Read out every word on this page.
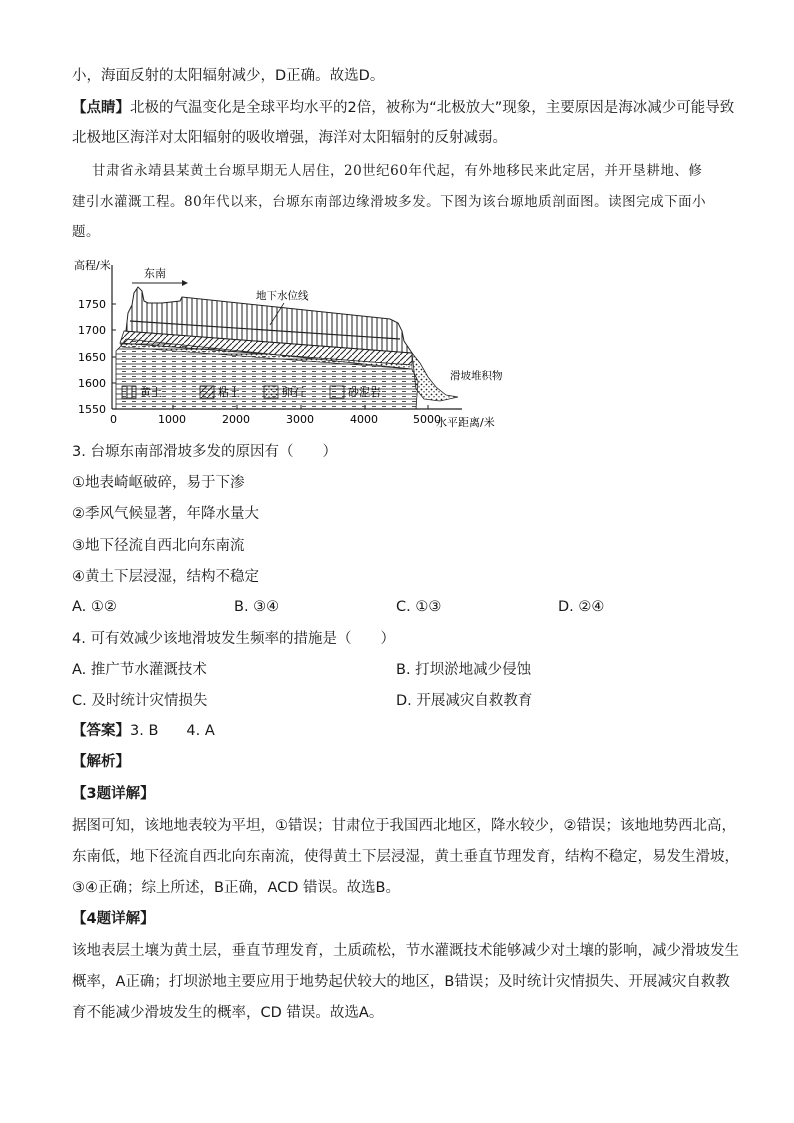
小，海面反射的太阳辐射减少，D正确。故选D。
【点睛】北极的气温变化是全球平均水平的2倍，被称为“北极放大”现象，主要原因是海冰减少可能导致
北极地区海洋对太阳辐射的吸收增强，海洋对太阳辐射的反射减弱。
甘肃省永靖县某黄土台塬早期无人居住，20世纪60年代起，有外地移民来此定居，并开垦耕地、修
建引水灌溉工程。80年代以来，台塬东南部边缘滑坡多发。下图为该台塬地质剖面图。读图完成下面小
题。
高程/米
水平距离/米
1750
1700
1650
1600
1550
0	1000	2000	3000	4000	5000
东南
地下水位线
滑坡堆积物
黄土	粘土	卵石	砂泥岩
3. 台塬东南部滑坡多发的原因有（　　）
①地表崎岖破碎，易于下渗
②季风气候显著，年降水量大
③地下径流自西北向东南流
④黄土下层浸湿，结构不稳定
A. ①②	B. ③④	C. ①③	D. ②④
4. 可有效减少该地滑坡发生频率的措施是（　　）
A. 推广节水灌溉技术	B. 打坝淤地减少侵蚀
C. 及时统计灾情损失	D. 开展减灾自救教育
【答案】3. B 4. A
【解析】
【3题详解】
据图可知，该地地表较为平坦，①错误；甘肃位于我国西北地区，降水较少，②错误；该地地势西北高，
东南低，地下径流自西北向东南流，使得黄土下层浸湿，黄土垂直节理发育，结构不稳定，易发生滑坡，
③④正确；综上所述，B正确，ACD 错误。故选B。
【4题详解】
该地表层土壤为黄土层，垂直节理发育，土质疏松，节水灌溉技术能够减少对土壤的影响，减少滑坡发生
概率，A正确；打坝淤地主要应用于地势起伏较大的地区，B错误；及时统计灾情损失、开展减灾自救教
育不能减少滑坡发生的概率，CD 错误。故选A。
